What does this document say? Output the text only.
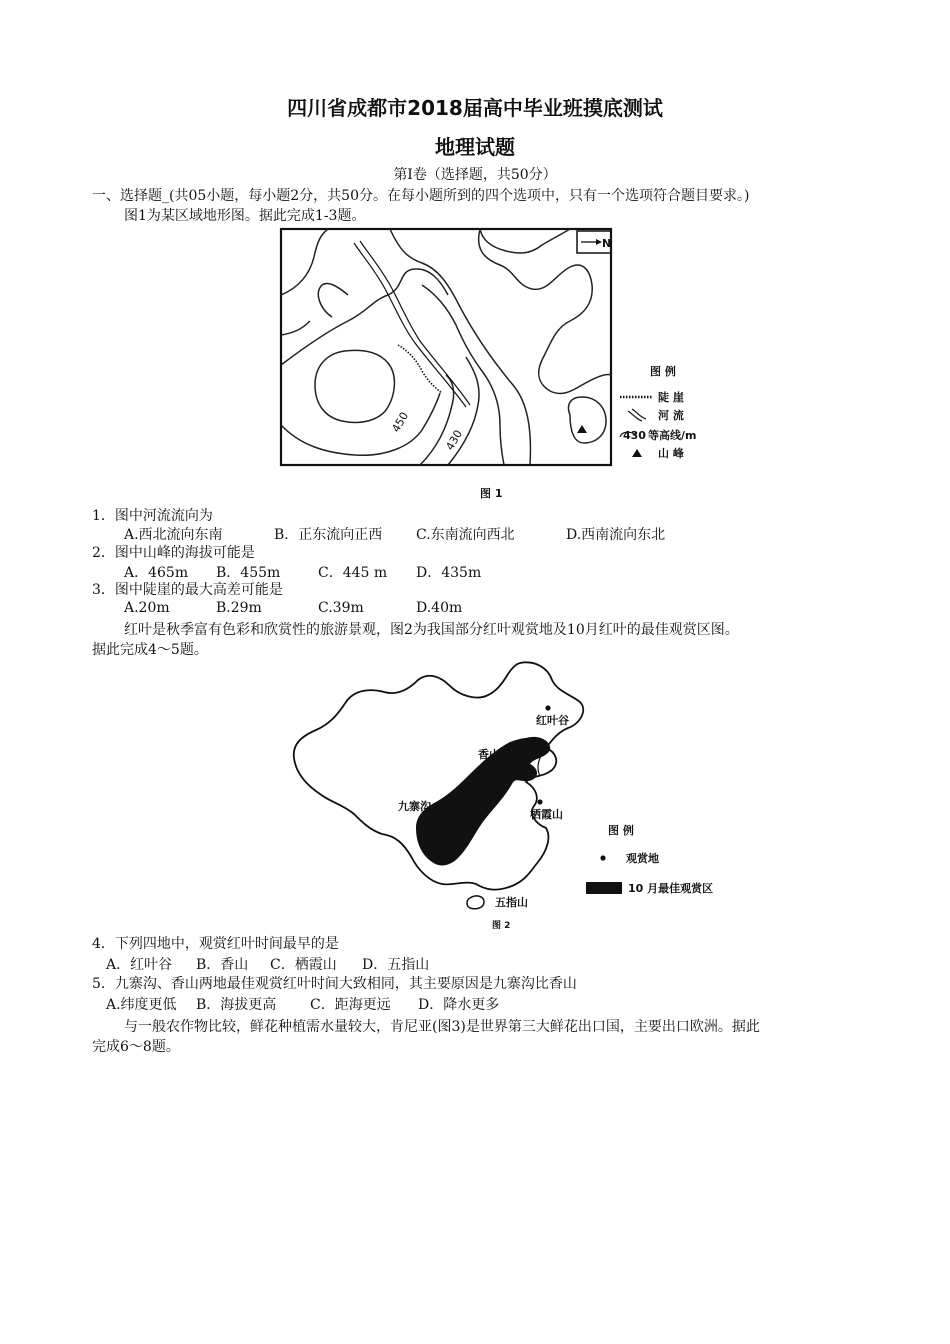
四川省成都市2018届高中毕业班摸底测试
地理试题
第Ⅰ卷（选择题，共50分）
一、选择题_(共05小题，每小题2分，共50分。在每小题所到的四个选项中，只有一个选项符合题目要求。)
图1为某区域地形图。据此完成1-3题。
N
450
430
图 例
陡 崖
河 流
430 等高线/m
山 峰
图 1
1．图中河流流向为
A.西北流向东南	B．正东流向正西 C.东南流向西北	D.西南流向东北
2．图中山峰的海拔可能是
A．465m B．455m	C．445 m D．435m
3．图中陡崖的最大高差可能是
A.20m	B.29m	C.39m	D.40m
红叶是秋季富有色彩和欣赏性的旅游景观，图2为我国部分红叶观赏地及10月红叶的最佳观赏区图。
据此完成4～5题。
红叶谷
香山
九寨沟
栖霞山
五指山
图 例
观赏地
10 月最佳观赏区
图 2
4．下列四地中，观赏红叶时间最早的是
A．红叶谷 B．香山 C．栖霞山 D．五指山
5．九寨沟、香山两地最佳观赏红叶时间大致相同，其主要原因是九寨沟比香山
A.纬度更低 B．海拔更高 C．距海更远 D．降水更多
与一般农作物比较，鲜花种植需水量较大，肯尼亚(图3)是世界第三大鲜花出口国，主要出口欧洲。据此
完成6～8题。
